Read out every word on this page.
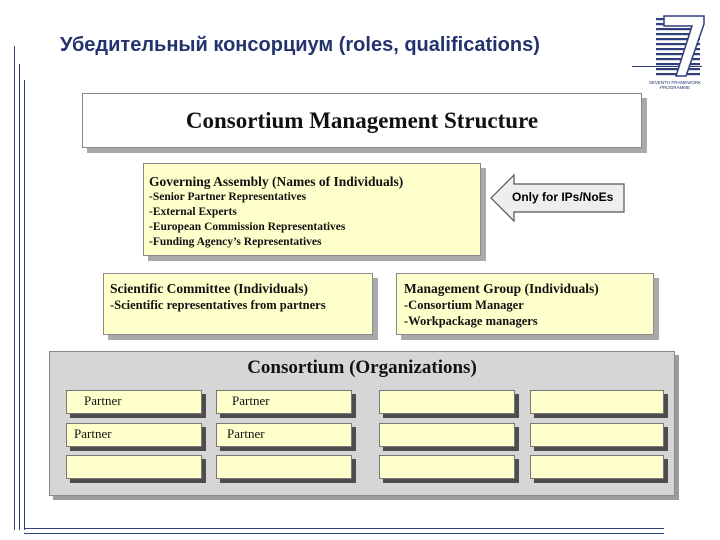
Убедительный консорциум (roles, qualifications)
SEVENTH FRAMEWORK PROGRAMME
Consortium Management Structure
Governing Assembly (Names of Individuals)
-Senior Partner Representatives
-External Experts
-European Commission Representatives
-Funding Agency’s Representatives
Only for IPs/NoEs
Scientific Committee (Individuals)
-Scientific representatives from partners
Management Group (Individuals)
-Consortium Manager
-Workpackage managers
Consortium (Organizations)
Partner	Partner
Partner	Partner
